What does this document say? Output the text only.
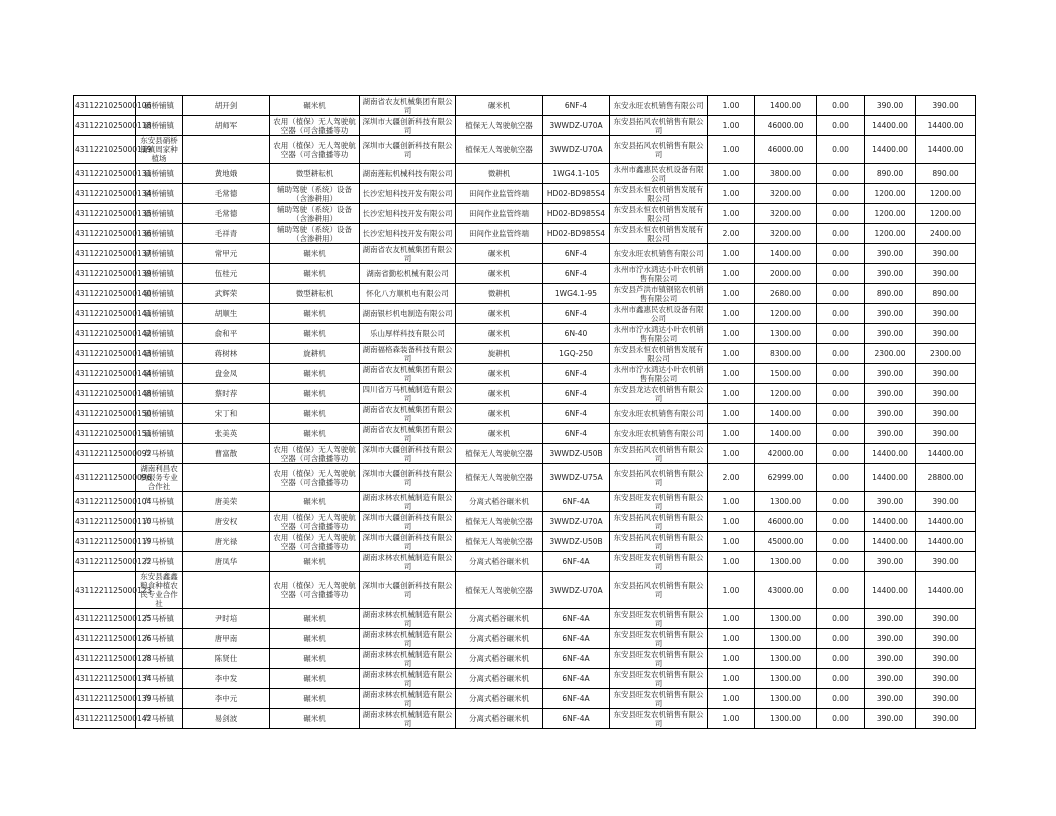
4311221025000106	硝桥铺镇	胡开剑	碾米机	湖南省农友机械集团有限公司	碾米机	6NF-4	东安永旺农机销售有限公司	1.00	1400.00	0.00	390.00	390.00
4311221025000118	硝桥铺镇	胡师军	农用（植保）无人驾驶航空器（可含撒播等功	深圳市大疆创新科技有限公司	植保无人驾驶航空器	3WWDZ-U70A	东安县拓风农机销售有限公司	1.00	46000.00	0.00	14400.00	14400.00
4311221025000119	东安县硝桥铺镇周家种植场		农用（植保）无人驾驶航空器（可含撒播等功	深圳市大疆创新科技有限公司	植保无人驾驶航空器	3WWDZ-U70A	东安县拓风农机销售有限公司	1.00	46000.00	0.00	14400.00	14400.00
4311221025000131	硝桥铺镇	黄地娥	微型耕耘机	湖南莲耘机械科技有限公司	微耕机	1WG4.1-105	永州市鑫惠民农机设备有限公司	1.00	3800.00	0.00	890.00	890.00
4311221025000134	硝桥铺镇	毛常德	辅助驾驶（系统）设备（含渗耕用）	长沙宏旭科技开发有限公司	田间作业监管终端	HD02-BD985S4	东安县永恒农机销售发展有限公司	1.00	3200.00	0.00	1200.00	1200.00
4311221025000135	硝桥铺镇	毛常德	辅助驾驶（系统）设备（含渗耕用）	长沙宏旭科技开发有限公司	田间作业监管终端	HD02-BD985S4	东安县永恒农机销售发展有限公司	1.00	3200.00	0.00	1200.00	1200.00
4311221025000136	硝桥铺镇	毛祥青	辅助驾驶（系统）设备（含渗耕用）	长沙宏旭科技开发有限公司	田间作业监管终端	HD02-BD985S4	东安县永恒农机销售发展有限公司	2.00	3200.00	0.00	1200.00	2400.00
4311221025000137	硝桥铺镇	常甲元	碾米机	湖南省农友机械集团有限公司	碾米机	6NF-4	东安永旺农机销售有限公司	1.00	1400.00	0.00	390.00	390.00
4311221025000139	硝桥铺镇	伍桂元	碾米机	湖南省勤松机械有限公司	碾米机	6NF-4	永州市泞水鸿达小叶农机销售有限公司	1.00	2000.00	0.00	390.00	390.00
4311221025000140	硝桥铺镇	武辉荣	微型耕耘机	怀化八方顺机电有限公司	微耕机	1WG4.1-95	东安县芦洪市镇钢铭农机销售有限公司	1.00	2680.00	0.00	890.00	890.00
4311221025000141	硝桥铺镇	胡顺生	碾米机	湖南银杉机电制造有限公司	碾米机	6NF-4	永州市鑫惠民农机设备有限公司	1.00	1200.00	0.00	390.00	390.00
4311221025000142	硝桥铺镇	俞和平	碾米机	乐山厚样科技有限公司	碾米机	6N-40	永州市泞水鸿达小叶农机销售有限公司	1.00	1300.00	0.00	390.00	390.00
4311221025000143	硝桥铺镇	蒋树林	旋耕机	湖南福格森装备科技有限公司	旋耕机	1GQ-250	东安县永恒农机销售发展有限公司	1.00	8300.00	0.00	2300.00	2300.00
4311221025000144	硝桥铺镇	盘金凤	碾米机	湖南省农友机械集团有限公司	碾米机	6NF-4	永州市泞水鸿达小叶农机销售有限公司	1.00	1500.00	0.00	390.00	390.00
4311221025000148	硝桥铺镇	蔡时荐	碾米机	四川省万马机械制造有限公司	碾米机	6NF-4	东安县龙达农机销售有限公司	1.00	1200.00	0.00	390.00	390.00
4311221025000150	硝桥铺镇	宋丁和	碾米机	湖南省农友机械集团有限公司	碾米机	6NF-4	东安永旺农机销售有限公司	1.00	1400.00	0.00	390.00	390.00
4311221025000151	硝桥铺镇	张美英	碾米机	湖南省农友机械集团有限公司	碾米机	6NF-4	东安永旺农机销售有限公司	1.00	1400.00	0.00	390.00	390.00
4311221125000092	芦马桥镇	曹富散	农用（植保）无人驾驶航空器（可含撒播等功	深圳市大疆创新科技有限公司	植保无人驾驶航空器	3WWDZ-U50B	东安县拓风农机销售有限公司	1.00	42000.00	0.00	14400.00	14400.00
4311221125000096	湖南利昌农机服务专业合作社		农用（植保）无人驾驶航空器（可含撒播等功	深圳市大疆创新科技有限公司	植保无人驾驶航空器	3WWDZ-U75A	东安县拓风农机销售有限公司	2.00	62999.00	0.00	14400.00	28800.00
4311221125000104	芦马桥镇	唐美荣	碾米机	湖南求林农机械制造有限公司	分离式稻谷碾米机	6NF-4A	东安县旺发农机销售有限公司	1.00	1300.00	0.00	390.00	390.00
4311221125000110	芦马桥镇	唐安权	农用（植保）无人驾驶航空器（可含撒播等功	深圳市大疆创新科技有限公司	植保无人驾驶航空器	3WWDZ-U70A	东安县拓风农机销售有限公司	1.00	46000.00	0.00	14400.00	14400.00
4311221125000119	芦马桥镇	唐光禄	农用（植保）无人驾驶航空器（可含撒播等功	深圳市大疆创新科技有限公司	植保无人驾驶航空器	3WWDZ-U50B	东安县拓风农机销售有限公司	1.00	45000.00	0.00	14400.00	14400.00
4311221125000122	芦马桥镇	唐凤华	碾米机	湖南求林农机械制造有限公司	分离式稻谷碾米机	6NF-4A	东安县旺发农机销售有限公司	1.00	1300.00	0.00	390.00	390.00
4311221125000123	东安县鑫鑫粮食种植农民专业合作社		农用（植保）无人驾驶航空器（可含撒播等功	深圳市大疆创新科技有限公司	植保无人驾驶航空器	3WWDZ-U70A	东安县拓风农机销售有限公司	1.00	43000.00	0.00	14400.00	14400.00
4311221125000125	芦马桥镇	尹时培	碾米机	湖南求林农机械制造有限公司	分离式稻谷碾米机	6NF-4A	东安县旺发农机销售有限公司	1.00	1300.00	0.00	390.00	390.00
4311221125000126	芦马桥镇	唐甲南	碾米机	湖南求林农机械制造有限公司	分离式稻谷碾米机	6NF-4A	东安县旺发农机销售有限公司	1.00	1300.00	0.00	390.00	390.00
4311221125000128	芦马桥镇	陈贤仕	碾米机	湖南求林农机械制造有限公司	分离式稻谷碾米机	6NF-4A	东安县旺发农机销售有限公司	1.00	1300.00	0.00	390.00	390.00
4311221125000134	芦马桥镇	李中发	碾米机	湖南求林农机械制造有限公司	分离式稻谷碾米机	6NF-4A	东安县旺发农机销售有限公司	1.00	1300.00	0.00	390.00	390.00
4311221125000139	芦马桥镇	李中元	碾米机	湖南求林农机械制造有限公司	分离式稻谷碾米机	6NF-4A	东安县旺发农机销售有限公司	1.00	1300.00	0.00	390.00	390.00
4311221125000142	芦马桥镇	易剑波	碾米机	湖南求林农机械制造有限公司	分离式稻谷碾米机	6NF-4A	东安县旺发农机销售有限公司	1.00	1300.00	0.00	390.00	390.00
